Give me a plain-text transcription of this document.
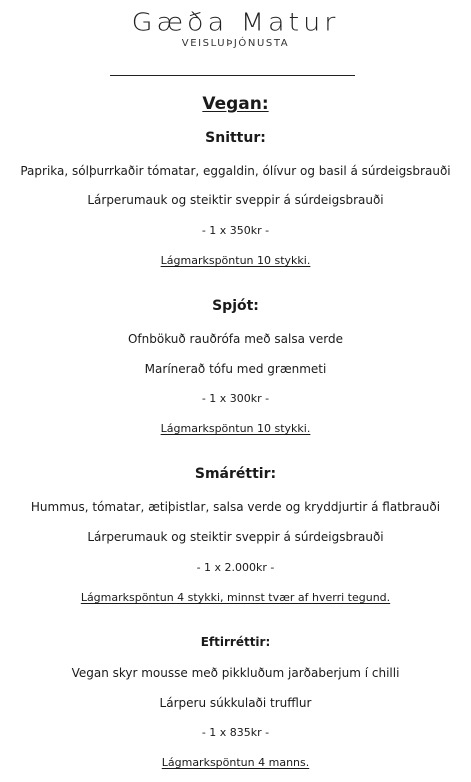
Gæða Matur
VEISLUÞJÓNUSTA
Vegan:
Snittur:
Paprika, sólþurrkaðir tómatar, eggaldin, ólívur og basil á súrdeigsbrauði
Lárperumauk og steiktir sveppir á súrdeigsbrauði
- 1 x 350kr -
Lágmarkspöntun 10 stykki.
Spjót:
Ofnbökuð rauðrófa með salsa verde
Marínerað tófu med grænmeti
- 1 x 300kr -
Lágmarkspöntun 10 stykki.
Smáréttir:
Hummus, tómatar, ætiþistlar, salsa verde og kryddjurtir á flatbrauði
Lárperumauk og steiktir sveppir á súrdeigsbrauði
- 1 x 2.000kr -
Lágmarkspöntun 4 stykki, minnst tvær af hverri tegund.
Eftirréttir:
Vegan skyr mousse með pikkluðum jarðaberjum í chilli
Lárperu súkkulaði trufflur
- 1 x 835kr -
Lágmarkspöntun 4 manns.
